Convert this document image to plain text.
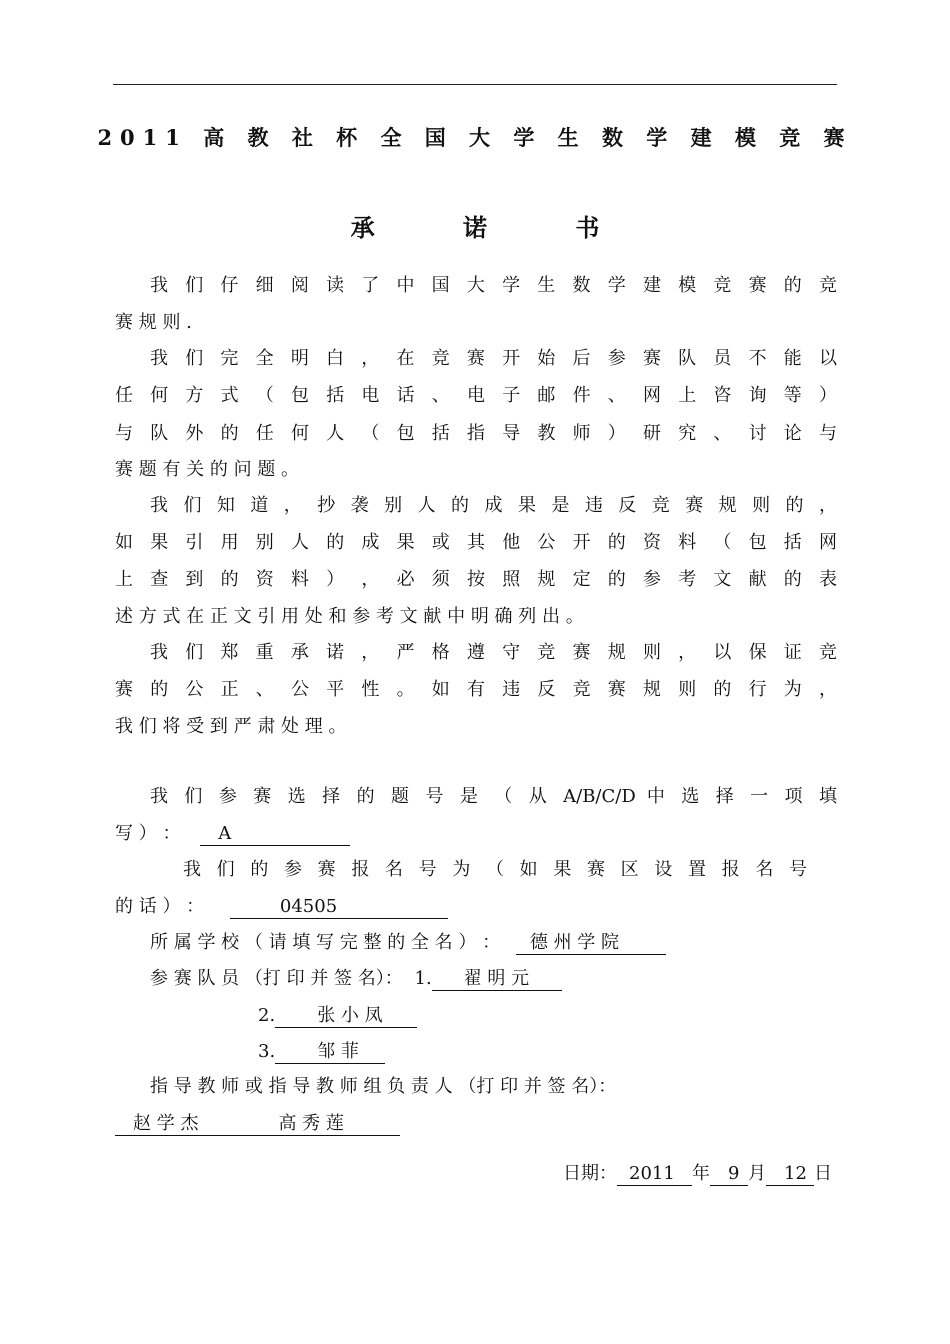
2011 高 教 社 杯 全 国 大 学 生 数 学 建 模 竞 赛
承 诺 书
我 们 仔 细 阅 读 了 中 国 大 学 生 数 学 建 模 竞 赛 的 竞
赛 规 则 .
我 们 完 全 明 白 ， 在 竞 赛 开 始 后 参 赛 队 员 不 能 以
任 何 方 式 （ 包 括 电 话 、 电 子 邮 件 、 网 上 咨 询 等 ）
与 队 外 的 任 何 人 （ 包 括 指 导 教 师 ） 研 究 、 讨 论 与
赛 题 有 关 的 问 题 。
我 们 知 道 ， 抄 袭 别 人 的 成 果 是 违 反 竞 赛 规 则 的 ，
如 果 引 用 别 人 的 成 果 或 其 他 公 开 的 资 料 （ 包 括 网
上 查 到 的 资 料 ） ， 必 须 按 照 规 定 的 参 考 文 献 的 表
述 方 式 在 正 文 引 用 处 和 参 考 文 献 中 明 确 列 出 。
我 们 郑 重 承 诺 ， 严 格 遵 守 竞 赛 规 则 ， 以 保 证 竞
赛 的 公 正 、 公 平 性 。 如 有 违 反 竞 赛 规 则 的 行 为 ，
我 们 将 受 到 严 肃 处 理 。
我 们 参 赛 选 择 的 题 号 是 （ 从 A/B/C/D 中 选 择 一 项 填
写 ） ： A
我 们 的 参 赛 报 名 号 为 （ 如 果 赛 区 设 置 报 名 号
的 话 ） ：	04505
所 属 学 校 （ 请 填 写 完 整 的 全 名 ） ： 德 州 学 院
参 赛 队 员 （打 印 并 签 名）： 1. 翟 明 元
2. 张 小 凤
3. 邹 菲
指 导 教 师 或 指 导 教 师 组 负 责 人 （打 印 并 签 名）：
赵 学 杰	高 秀 莲
日期： 2011 年 9 月 12 日
